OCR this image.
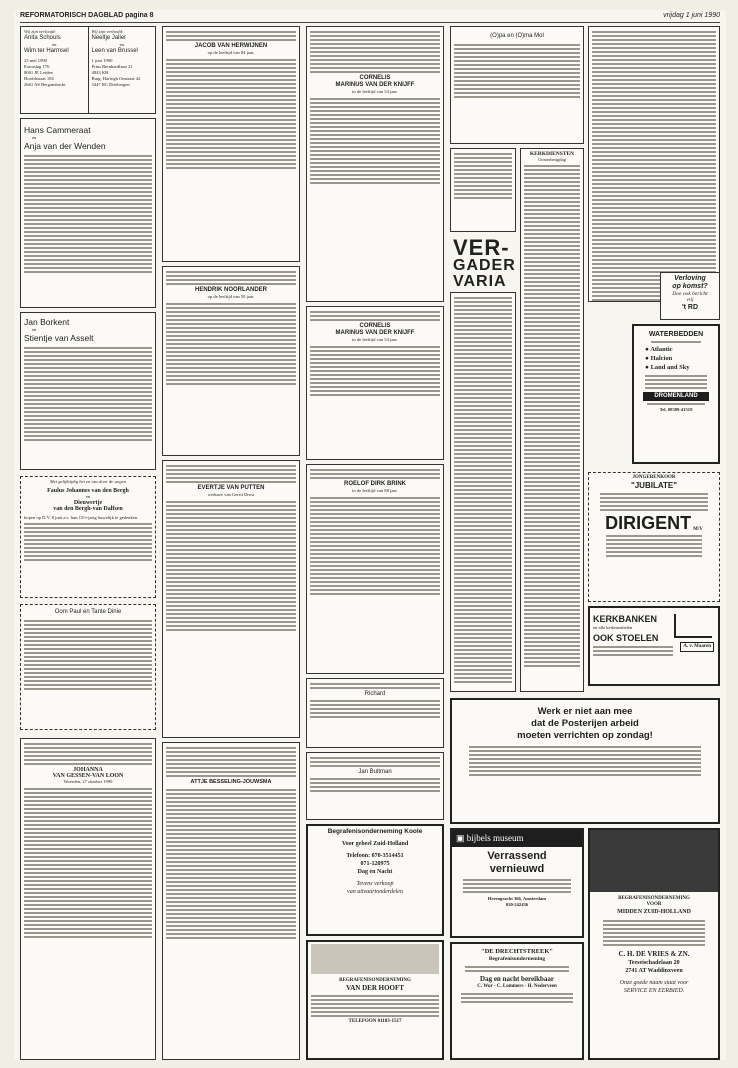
REFORMATORISCH DAGBLAD pagina 8	vrijdag 1 juni 1990
Wij zijn verloofd:
Anita Schouls
en
Wim ter Harmsel
23 mei 1990
Extraslag 176
8061 JE Leiden
Hoofdstraat 104
2661 AS Bergambacht
Wij zijn verloofd:
Neeltje Jalier
en
Leen van Brussel
1 juni 1990
Prins Bernhardlaan 21
4843 KB
Burg. Hartogh Onstraat 42
3447 RC Driebergen
Hans Cammeraat
en
Anja van der Wenden
Jan Borkent
en
Stientje van Asselt
Met gelijktijdig het en ons door de wegen
Faulus Johannes van den Bergh
en
Dieuwertje
van den Bergh-van Dalfsen
hopen op D.V. 8 juni a.s. hun 12½-jarig huwelijk te gedenken.
Oom Paul en Tante Dinie
JOHANNA
VAN GESSEN-VAN LOON
Woerden, 27 oktober 1990
JACOB VAN HERWIJNEN
op de leeftijd van 84 jaar.
HENDRIK NOORLANDER
op de leeftijd van 50 jaar.
EVERTJE VAN PUTTEN
weduwe van Gerrit Drost
ATTJE BESSELING-JOUWSMA
CORNELIS
MARINUS VAN DER KNIJFF
in de leeftijd van 54 jaar.
CORNELIS
MARINUS VAN DER KNIJFF
in de leeftijd van 54 jaar.
ROELOF DIRK BRINK
in de leeftijd van 88 jaar.
Richard
Jan Bultman
Begrafenisonderneming Koole
Voor geheel Zuid-Holland
Telefoon: 070-3514451
071-120975
Dag en Nacht
Tevens verkoop
van uitvaartonderdelen
BEGRAFENISONDERNEMING
VAN DER HOOFT
TELEFOON 01103-1517
(O)pa en (O)ma Mol
VER-
GADER
VARIA
KERKDIENSTEN
Oosterbeugdag
▣ bijbels museum
Verrassend
vernieuwd
Herengracht 366, Amsterdam
020-242436
"DE DRECHTSTREEK"
Begrafenisonderneming
Dag en nacht bereikbaar
C. Wor - C. Lommers - H. Nederveen
Verloving
op komst?
Doe ook bericht
vrij
't RD
WATERBEDDEN
● Atlantic
● Halcion
● Land and Sky
DROMENLAND
Tel. 08389-41519
JONGERENKOOR
"JUBILATE"
DIRIGENT M/V
KERKBANKEN
en alle kerkmeubelen
OOK STOELEN
A. v. Maaren
Werk er niet aan mee
dat de Posterijen arbeid
moeten verrichten op zondag!
BEGRAFENISONDERNEMING
VOOR
MIDDEN ZUID-HOLLAND
C. H. DE VRIES & ZN.
Teeseischadelaan 20
2741 AT Waddinxveen
Onze goede naam staat voor
SERVICE EN EERBIED.
